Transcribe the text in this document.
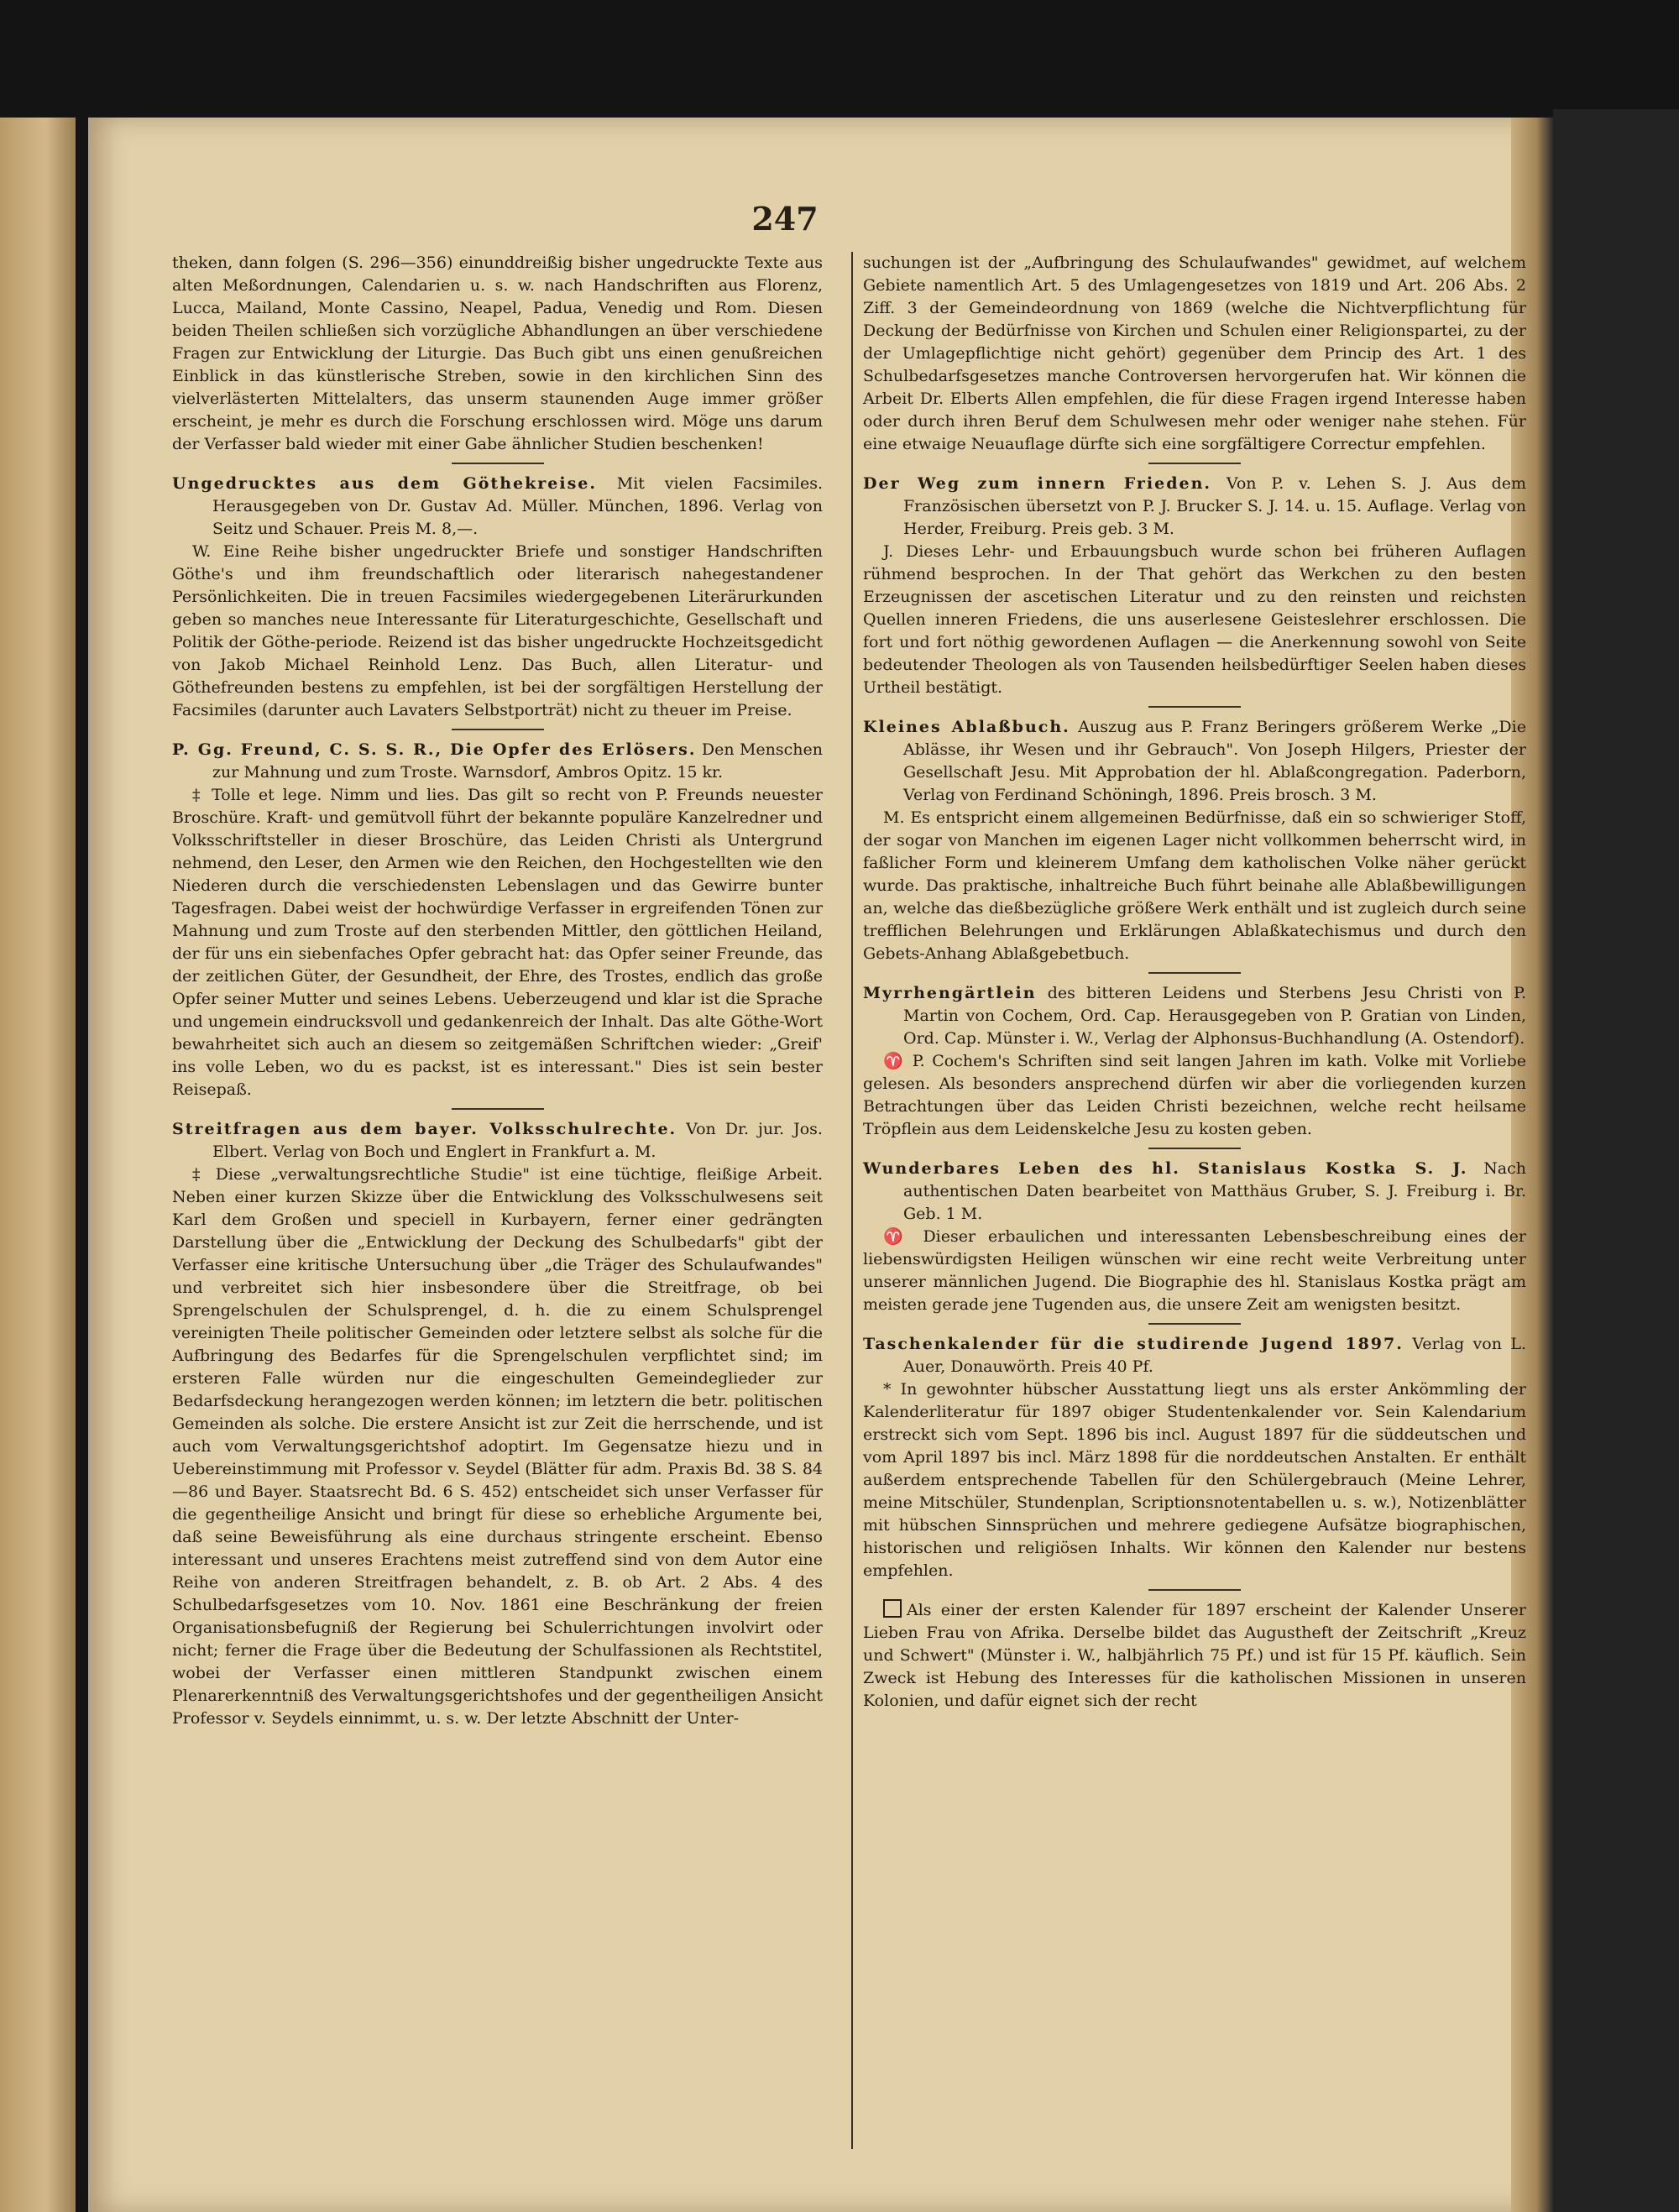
247

theken, dann folgen (S. 296—356) einunddreißig bisher ungedruckte Texte aus alten Meßordnungen, Calendarien u. s. w. nach Handschriften aus Florenz, Lucca, Mailand, Monte Cassino, Neapel, Padua, Venedig und Rom. Diesen beiden Theilen schließen sich vorzügliche Abhandlungen an über verschiedene Fragen zur Entwicklung der Liturgie. Das Buch gibt uns einen genußreichen Einblick in das künstlerische Streben, sowie in den kirchlichen Sinn des vielverlästerten Mittelalters, das unserm staunenden Auge immer größer erscheint, je mehr es durch die Forschung erschlossen wird. Möge uns darum der Verfasser bald wieder mit einer Gabe ähnlicher Studien beschenken!

Ungedrucktes aus dem Göthekreise. Mit vielen Facsimiles. Herausgegeben von Dr. Gustav Ad. Müller. München, 1896. Verlag von Seitz und Schauer. Preis M. 8,—.

W. Eine Reihe bisher ungedruckter Briefe und sonstiger Handschriften Göthe's und ihm freundschaftlich oder literarisch nahegestandener Persönlichkeiten. Die in treuen Facsimiles wiedergegebenen Literärurkunden geben so manches neue Interessante für Literaturgeschichte, Gesellschaft und Politik der Göthe-periode. Reizend ist das bisher ungedruckte Hochzeitsgedicht von Jakob Michael Reinhold Lenz. Das Buch, allen Literatur- und Göthefreunden bestens zu empfehlen, ist bei der sorgfältigen Herstellung der Facsimiles (darunter auch Lavaters Selbstporträt) nicht zu theuer im Preise.

P. Gg. Freund, C. S. S. R., Die Opfer des Erlösers. Den Menschen zur Mahnung und zum Troste. Warnsdorf, Ambros Opitz. 15 kr.

‡ Tolle et lege. Nimm und lies. Das gilt so recht von P. Freunds neuester Broschüre. Kraft- und gemütvoll führt der bekannte populäre Kanzelredner und Volksschriftsteller in dieser Broschüre, das Leiden Christi als Untergrund nehmend, den Leser, den Armen wie den Reichen, den Hochgestellten wie den Niederen durch die verschiedensten Lebenslagen und das Gewirre bunter Tagesfragen. Dabei weist der hochwürdige Verfasser in ergreifenden Tönen zur Mahnung und zum Troste auf den sterbenden Mittler, den göttlichen Heiland, der für uns ein siebenfaches Opfer gebracht hat: das Opfer seiner Freunde, das der zeitlichen Güter, der Gesundheit, der Ehre, des Trostes, endlich das große Opfer seiner Mutter und seines Lebens. Ueberzeugend und klar ist die Sprache und ungemein eindrucksvoll und gedankenreich der Inhalt. Das alte Göthe-Wort bewahrheitet sich auch an diesem so zeitgemäßen Schriftchen wieder: „Greif' ins volle Leben, wo du es packst, ist es interessant." Dies ist sein bester Reisepaß.

Streitfragen aus dem bayer. Volksschulrechte. Von Dr. jur. Jos. Elbert. Verlag von Boch und Englert in Frankfurt a. M.

‡ Diese „verwaltungsrechtliche Studie" ist eine tüchtige, fleißige Arbeit. Neben einer kurzen Skizze über die Entwicklung des Volksschulwesens seit Karl dem Großen und speciell in Kurbayern, ferner einer gedrängten Darstellung über die „Entwicklung der Deckung des Schulbedarfs" gibt der Verfasser eine kritische Untersuchung über „die Träger des Schulaufwandes" und verbreitet sich hier insbesondere über die Streitfrage, ob bei Sprengelschulen der Schulsprengel, d. h. die zu einem Schulsprengel vereinigten Theile politischer Gemeinden oder letztere selbst als solche für die Aufbringung des Bedarfes für die Sprengelschulen verpflichtet sind; im ersteren Falle würden nur die eingeschulten Gemeindeglieder zur Bedarfsdeckung herangezogen werden können; im letztern die betr. politischen Gemeinden als solche. Die erstere Ansicht ist zur Zeit die herrschende, und ist auch vom Verwaltungsgerichtshof adoptirt. Im Gegensatze hiezu und in Uebereinstimmung mit Professor v. Seydel (Blätter für adm. Praxis Bd. 38 S. 84—86 und Bayer. Staatsrecht Bd. 6 S. 452) entscheidet sich unser Verfasser für die gegentheilige Ansicht und bringt für diese so erhebliche Argumente bei, daß seine Beweisführung als eine durchaus stringente erscheint. Ebenso interessant und unseres Erachtens meist zutreffend sind von dem Autor eine Reihe von anderen Streitfragen behandelt, z. B. ob Art. 2 Abs. 4 des Schulbedarfsgesetzes vom 10. Nov. 1861 eine Beschränkung der freien Organisationsbefugniß der Regierung bei Schulerrichtungen involvirt oder nicht; ferner die Frage über die Bedeutung der Schulfassionen als Rechtstitel, wobei der Verfasser einen mittleren Standpunkt zwischen einem Plenarerkenntniß des Verwaltungsgerichtshofes und der gegentheiligen Ansicht Professor v. Seydels einnimmt, u. s. w. Der letzte Abschnitt der Unter-

suchungen ist der „Aufbringung des Schulaufwandes" gewidmet, auf welchem Gebiete namentlich Art. 5 des Umlagengesetzes von 1819 und Art. 206 Abs. 2 Ziff. 3 der Gemeindeordnung von 1869 (welche die Nichtverpflichtung für Deckung der Bedürfnisse von Kirchen und Schulen einer Religionspartei, zu der der Umlagepflichtige nicht gehört) gegenüber dem Princip des Art. 1 des Schulbedarfsgesetzes manche Controversen hervorgerufen hat. Wir können die Arbeit Dr. Elberts Allen empfehlen, die für diese Fragen irgend Interesse haben oder durch ihren Beruf dem Schulwesen mehr oder weniger nahe stehen. Für eine etwaige Neuauflage dürfte sich eine sorgfältigere Correctur empfehlen.

Der Weg zum innern Frieden. Von P. v. Lehen S. J. Aus dem Französischen übersetzt von P. J. Brucker S. J. 14. u. 15. Auflage. Verlag von Herder, Freiburg. Preis geb. 3 M.

J. Dieses Lehr- und Erbauungsbuch wurde schon bei früheren Auflagen rühmend besprochen. In der That gehört das Werkchen zu den besten Erzeugnissen der ascetischen Literatur und zu den reinsten und reichsten Quellen inneren Friedens, die uns auserlesene Geisteslehrer erschlossen. Die fort und fort nöthig gewordenen Auflagen — die Anerkennung sowohl von Seite bedeutender Theologen als von Tausenden heilsbedürftiger Seelen haben dieses Urtheil bestätigt.

Kleines Ablaßbuch. Auszug aus P. Franz Beringers größerem Werke „Die Ablässe, ihr Wesen und ihr Gebrauch". Von Joseph Hilgers, Priester der Gesellschaft Jesu. Mit Approbation der hl. Ablaßcongregation. Paderborn, Verlag von Ferdinand Schöningh, 1896. Preis brosch. 3 M.

M. Es entspricht einem allgemeinen Bedürfnisse, daß ein so schwieriger Stoff, der sogar von Manchen im eigenen Lager nicht vollkommen beherrscht wird, in faßlicher Form und kleinerem Umfang dem katholischen Volke näher gerückt wurde. Das praktische, inhaltreiche Buch führt beinahe alle Ablaßbewilligungen an, welche das dießbezügliche größere Werk enthält und ist zugleich durch seine trefflichen Belehrungen und Erklärungen Ablaßkatechismus und durch den Gebets-Anhang Ablaßgebetbuch.

Myrrhengärtlein des bitteren Leidens und Sterbens Jesu Christi von P. Martin von Cochem, Ord. Cap. Herausgegeben von P. Gratian von Linden, Ord. Cap. Münster i. W., Verlag der Alphonsus-Buchhandlung (A. Ostendorf).

♈ P. Cochem's Schriften sind seit langen Jahren im kath. Volke mit Vorliebe gelesen. Als besonders ansprechend dürfen wir aber die vorliegenden kurzen Betrachtungen über das Leiden Christi bezeichnen, welche recht heilsame Tröpflein aus dem Leidenskelche Jesu zu kosten geben.

Wunderbares Leben des hl. Stanislaus Kostka S. J. Nach authentischen Daten bearbeitet von Matthäus Gruber, S. J. Freiburg i. Br. Geb. 1 M.

♈ Dieser erbaulichen und interessanten Lebensbeschreibung eines der liebenswürdigsten Heiligen wünschen wir eine recht weite Verbreitung unter unserer männlichen Jugend. Die Biographie des hl. Stanislaus Kostka prägt am meisten gerade jene Tugenden aus, die unsere Zeit am wenigsten besitzt.

Taschenkalender für die studirende Jugend 1897. Verlag von L. Auer, Donauwörth. Preis 40 Pf.

* In gewohnter hübscher Ausstattung liegt uns als erster Ankömmling der Kalenderliteratur für 1897 obiger Studentenkalender vor. Sein Kalendarium erstreckt sich vom Sept. 1896 bis incl. August 1897 für die süddeutschen und vom April 1897 bis incl. März 1898 für die norddeutschen Anstalten. Er enthält außerdem entsprechende Tabellen für den Schülergebrauch (Meine Lehrer, meine Mitschüler, Stundenplan, Scriptionsnotentabellen u. s. w.), Notizenblätter mit hübschen Sinnsprüchen und mehrere gediegene Aufsätze biographischen, historischen und religiösen Inhalts. Wir können den Kalender nur bestens empfehlen.

Als einer der ersten Kalender für 1897 erscheint der Kalender Unserer Lieben Frau von Afrika. Derselbe bildet das Augustheft der Zeitschrift „Kreuz und Schwert" (Münster i. W., halbjährlich 75 Pf.) und ist für 15 Pf. käuflich. Sein Zweck ist Hebung des Interesses für die katholischen Missionen in unseren Kolonien, und dafür eignet sich der recht
